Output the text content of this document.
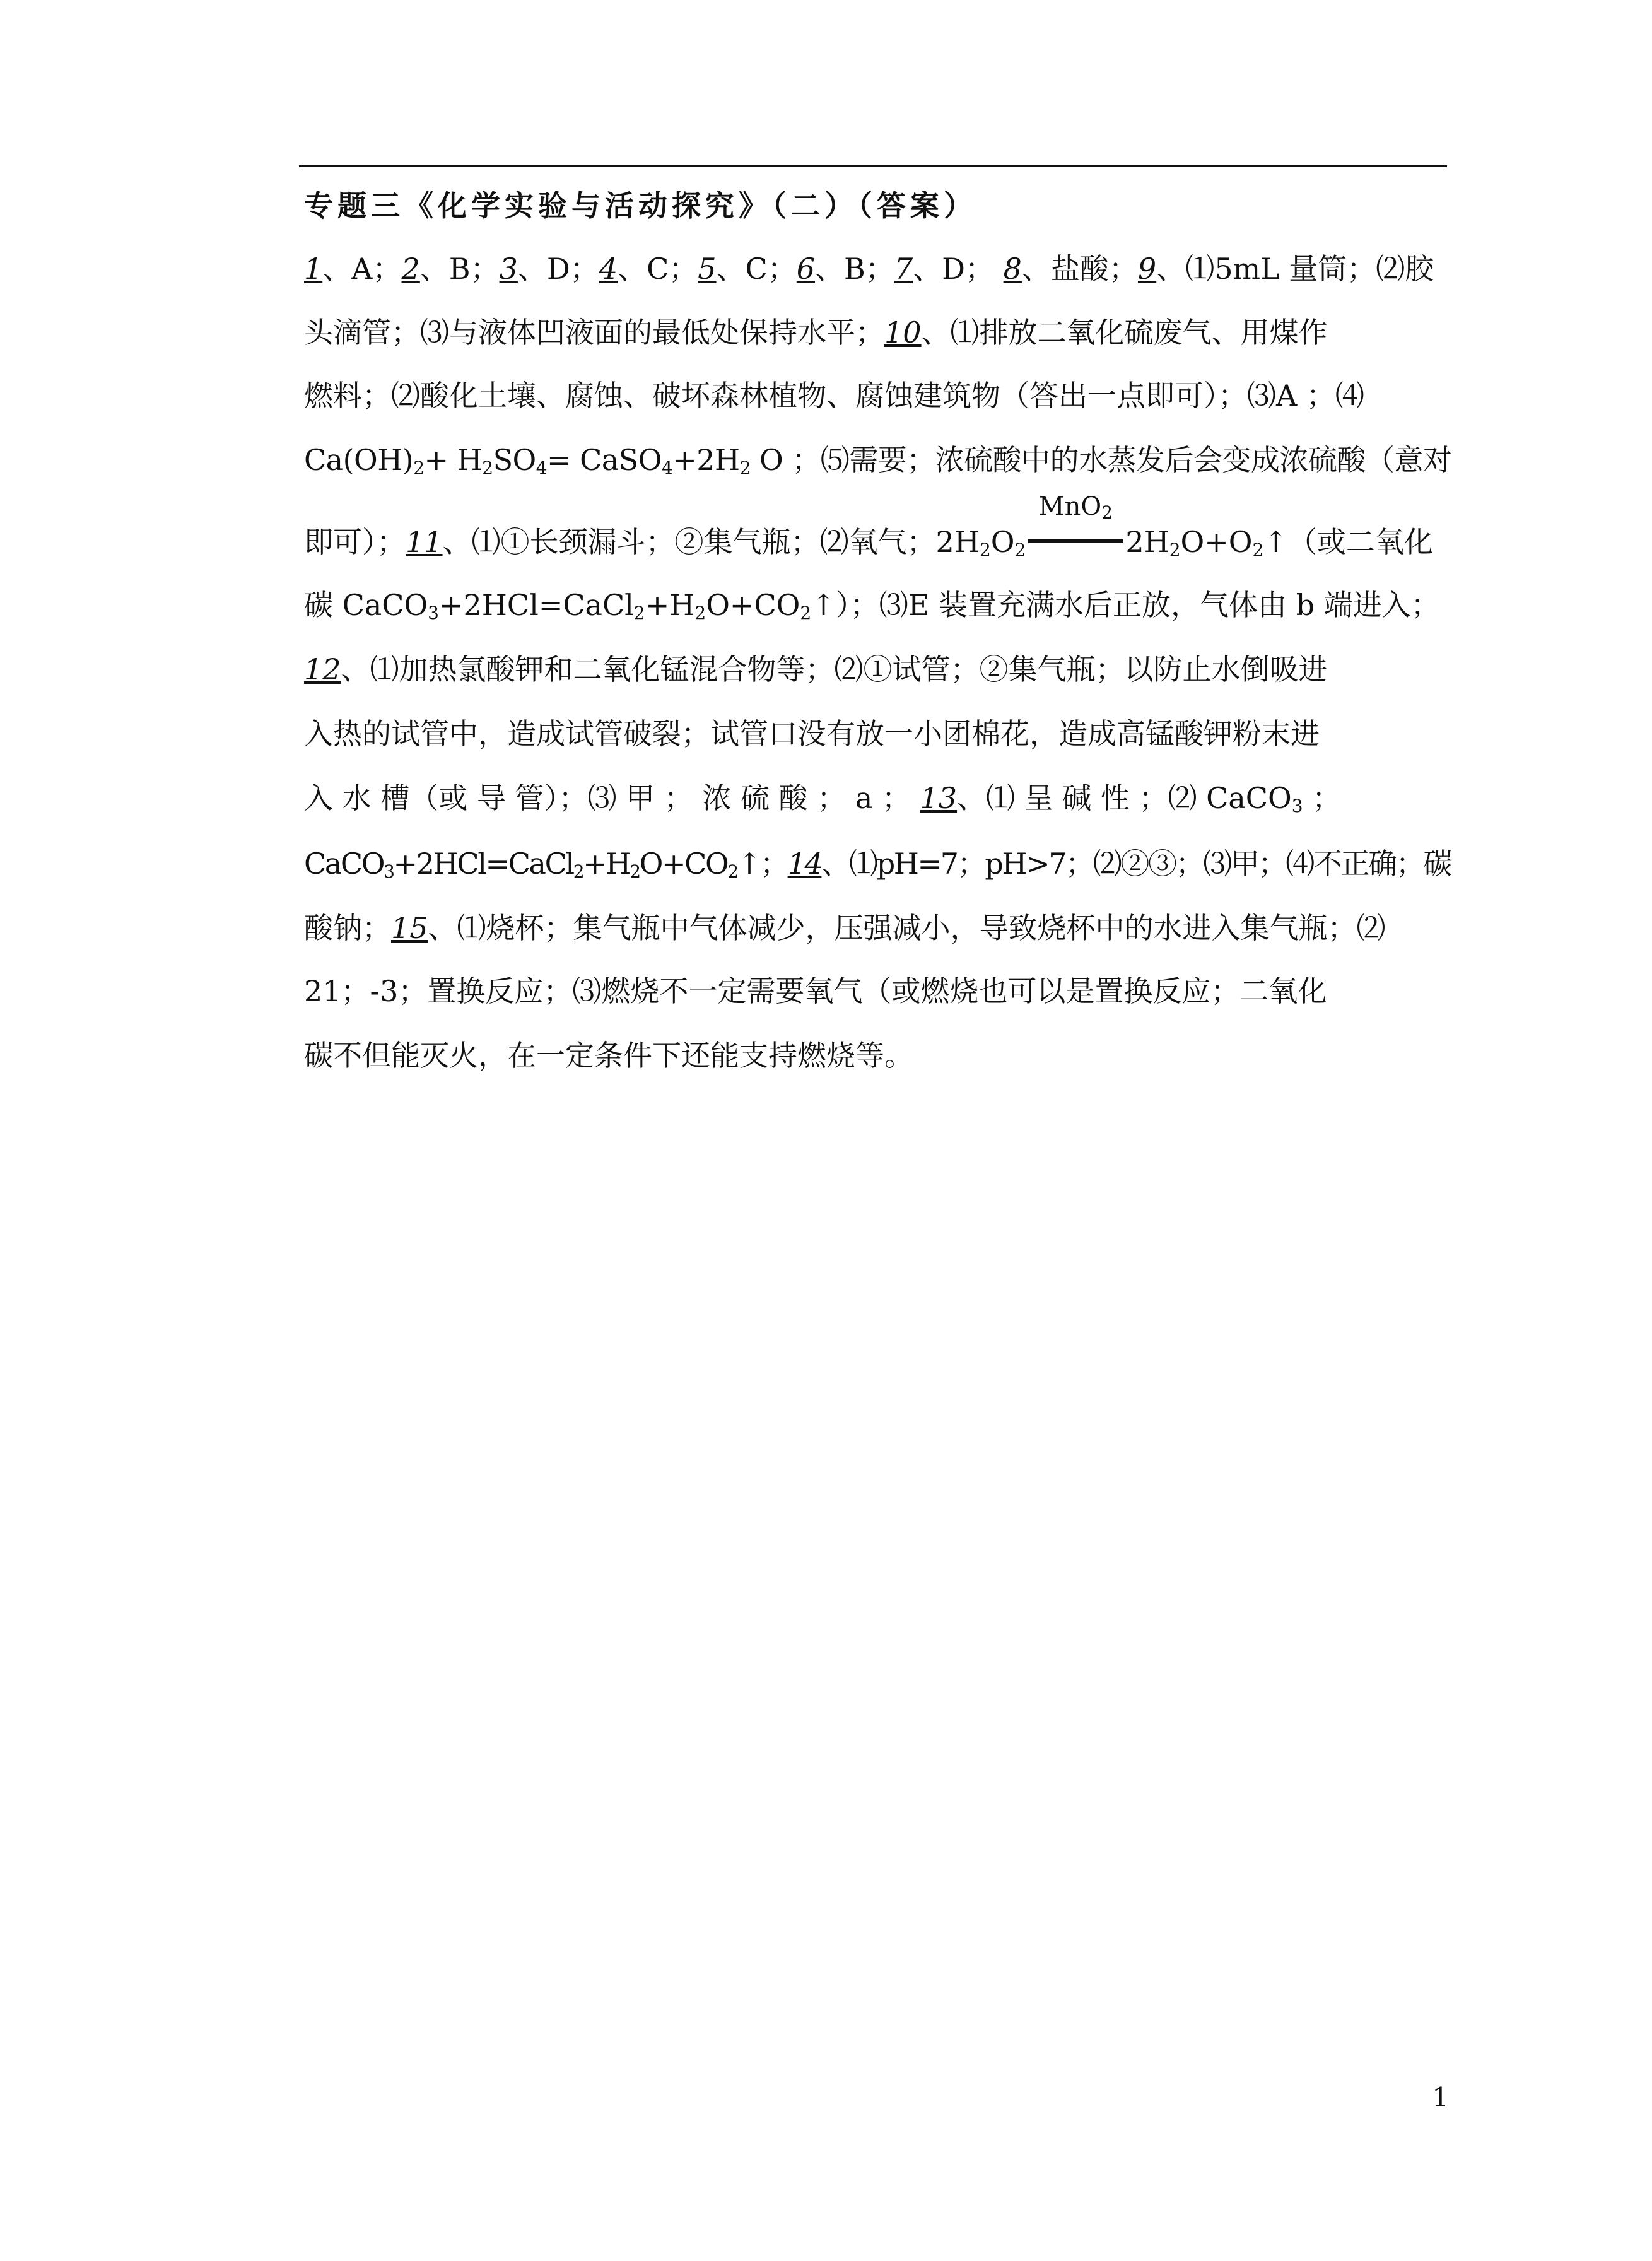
专题三《化学实验与活动探究》（二）（答案）
1、A；2、B；3、D；4、C；5、C；6、B；7、D； 8、盐酸；9、⑴5mL 量筒；⑵胶
头滴管；⑶与液体凹液面的最低处保持水平；10、⑴排放二氧化硫废气、用煤作
燃料；⑵酸化土壤、腐蚀、破坏森林植物、腐蚀建筑物（答出一点即可）；⑶A ；⑷
$Ca(OH)_2+ H_2SO_4=$ $CaSO_4+2H_2$ O ；⑸需要；浓硫酸中的水蒸发后会变成浓硫酸（意对
即可）；11、⑴①长颈漏斗；②集气瓶；⑵氧气；$2H_2O_2$
MnO$_2$
$2H_2O+O_2↑$（或二氧化
碳 $CaCO_3+2HCl=CaCl_2+H_2O+CO_2↑$）；⑶E 装置充满水后正放，气体由 b 端进入；
12、⑴加热氯酸钾和二氧化锰混合物等；⑵①试管；②集气瓶；以防止水倒吸进
入热的试管中，造成试管破裂；试管口没有放一小团棉花，造成高锰酸钾粉末进
入 水 槽（或 导 管）；⑶ 甲 ； 浓 硫 酸 ； a ； 13、⑴ 呈 碱 性 ；⑵ CaCO$_3$ ；
$CaCO_3+2HCl=CaCl_2+H_2O+CO_2↑$；14、⑴pH=7；pH>7；⑵②③；⑶甲；⑷不正确；碳
酸钠；15、⑴烧杯；集气瓶中气体减少，压强减小，导致烧杯中的水进入集气瓶；⑵
21；-3；置换反应；⑶燃烧不一定需要氧气（或燃烧也可以是置换反应；二氧化
碳不但能灭火，在一定条件下还能支持燃烧等。
1
